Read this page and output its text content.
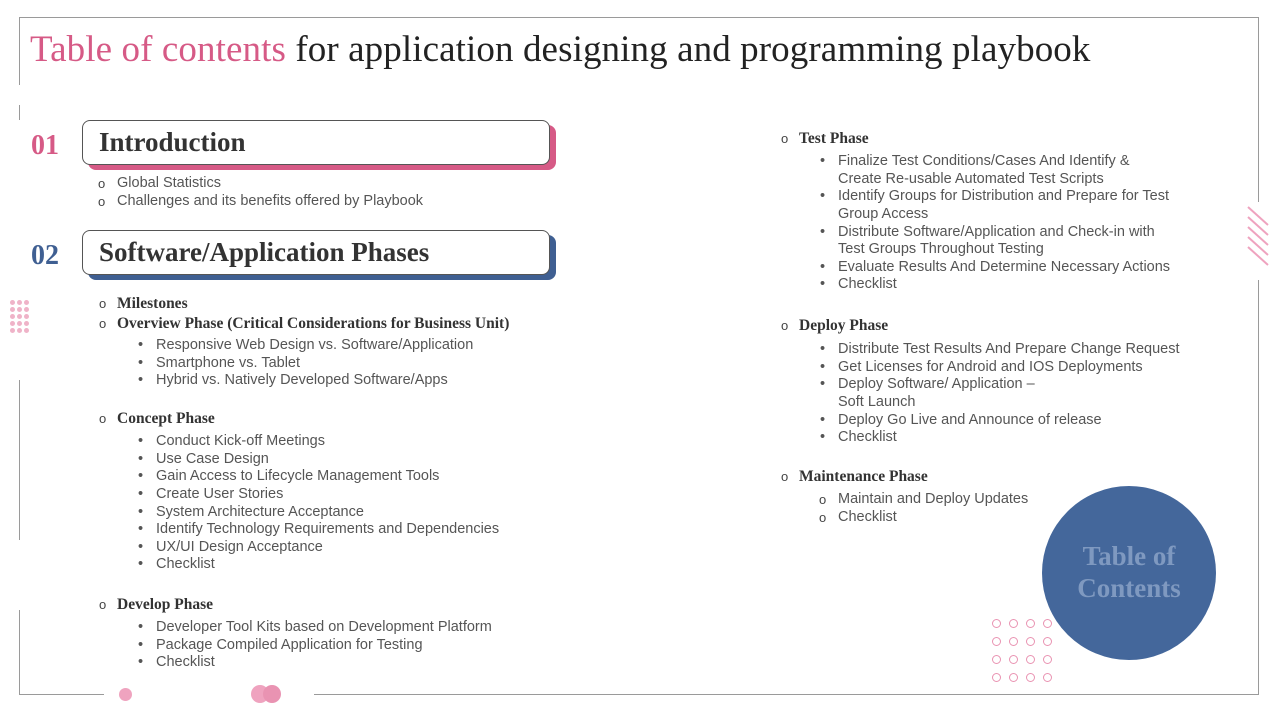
Table of contents for application designing and programming playbook
01	Introduction
02	Software/Application Phases
o Global Statistics
o Challenges and its benefits offered by Playbook
o Milestones
o Overview Phase (Critical Considerations for Business Unit)
• Responsive Web Design vs. Software/Application
• Smartphone vs. Tablet
• Hybrid vs. Natively Developed Software/Apps
o Concept Phase
• Conduct Kick-off Meetings
• Use Case Design
• Gain Access to Lifecycle Management Tools
• Create User Stories
• System Architecture Acceptance
• Identify Technology Requirements and Dependencies
• UX/UI Design Acceptance
• Checklist
o Develop Phase
• Developer Tool Kits based on Development Platform
• Package Compiled Application for Testing
• Checklist
o Test Phase
• Finalize Test Conditions/Cases And Identify &
Create Re-usable Automated Test Scripts
• Identify Groups for Distribution and Prepare for Test
Group Access
• Distribute Software/Application and Check-in with
Test Groups Throughout Testing
• Evaluate Results And Determine Necessary Actions
• Checklist
o Deploy Phase
• Distribute Test Results And Prepare Change Request
• Get Licenses for Android and IOS Deployments
• Deploy Software/ Application –
Soft Launch
• Deploy Go Live and Announce of release
• Checklist
o Maintenance Phase
o Maintain and Deploy Updates
o Checklist
Table of
Contents
